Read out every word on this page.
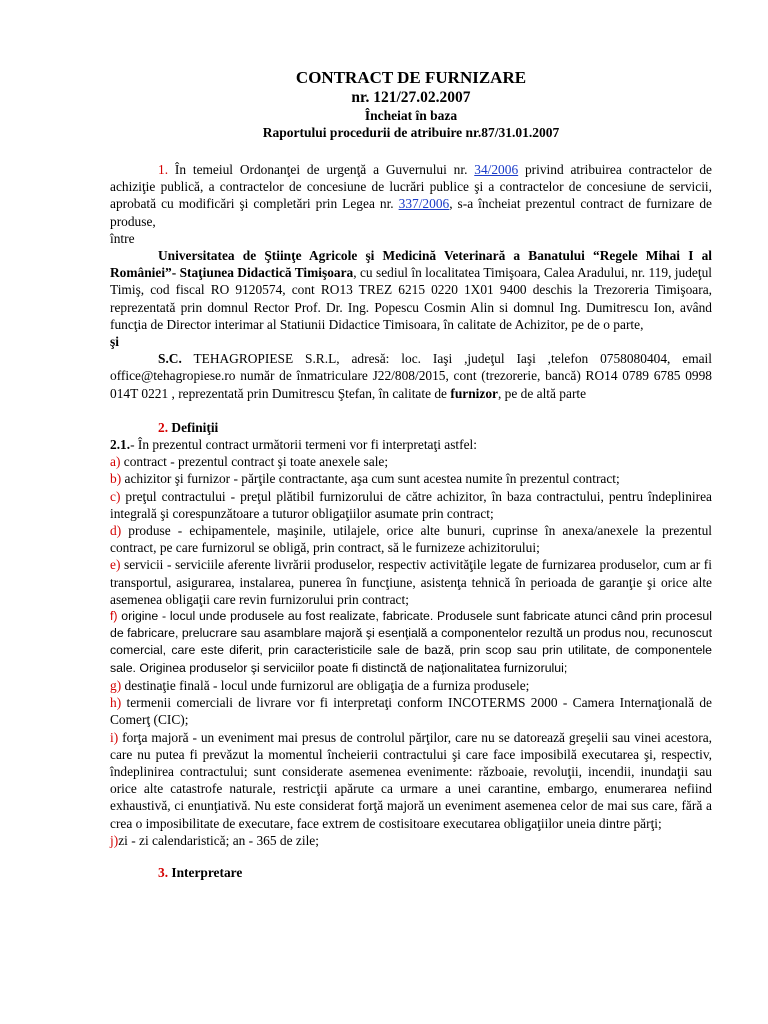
CONTRACT DE FURNIZARE
nr. 121/27.02.2007
Încheiat în baza
Raportului procedurii de atribuire nr.87/31.01.2007

1. În temeiul Ordonanţei de urgenţă a Guvernului nr. 34/2006 privind atribuirea contractelor de achiziţie publică, a contractelor de concesiune de lucrări publice şi a contractelor de concesiune de servicii, aprobată cu modificări şi completări prin Legea nr. 337/2006, s-a încheiat prezentul contract de furnizare de produse,

între

Universitatea de Ştiinţe Agricole şi Medicină Veterinară a Banatului “Regele Mihai I al României”- Staţiunea Didactică Timişoara, cu sediul în localitatea Timişoara, Calea Aradului, nr. 119, judeţul Timiş, cod fiscal RO 9120574, cont RO13 TREZ 6215 0220 1X01 9400 deschis la Trezoreria Timişoara, reprezentată prin domnul Rector Prof. Dr. Ing. Popescu Cosmin Alin si domnul Ing. Dumitrescu Ion, având funcţia de Director interimar al Statiunii Didactice Timisoara, în calitate de Achizitor, pe de o parte,

şi

S.C. TEHAGROPIESE S.R.L, adresă: loc. Iaşi ,judeţul Iaşi ,telefon 0758080404, email office@tehagropiese.ro număr de înmatriculare J22/808/2015, cont (trezorerie, bancă) RO14 0789 6785 0998 014T 0221 , reprezentată prin Dumitrescu Ştefan, în calitate de furnizor, pe de altă parte

2. Definiţii

2.1.- În prezentul contract următorii termeni vor fi interpretaţi astfel:

a) contract - prezentul contract şi toate anexele sale;

b) achizitor şi furnizor - părţile contractante, aşa cum sunt acestea numite în prezentul contract;

c) preţul contractului - preţul plătibil furnizorului de către achizitor, în baza contractului, pentru îndeplinirea integrală şi corespunzătoare a tuturor obligaţiilor asumate prin contract;

d) produse - echipamentele, maşinile, utilajele, orice alte bunuri, cuprinse în anexa/anexele la prezentul contract, pe care furnizorul se obligă, prin contract, să le furnizeze achizitorului;

e) servicii - serviciile aferente livrării produselor, respectiv activităţile legate de furnizarea produselor, cum ar fi transportul, asigurarea, instalarea, punerea în funcţiune, asistenţa tehnică în perioada de garanţie şi orice alte asemenea obligaţii care revin furnizorului prin contract;

f) origine - locul unde produsele au fost realizate, fabricate. Produsele sunt fabricate atunci când prin procesul de fabricare, prelucrare sau asamblare majoră şi esenţială a componentelor rezultă un produs nou, recunoscut comercial, care este diferit, prin caracteristicile sale de bază, prin scop sau prin utilitate, de componentele sale. Originea produselor şi serviciilor poate fi distinctă de naţionalitatea furnizorului;

g) destinaţie finală - locul unde furnizorul are obligaţia de a furniza produsele;

h) termenii comerciali de livrare vor fi interpretaţi conform INCOTERMS 2000 - Camera Internaţională de Comerţ (CIC);

i) forţa majoră - un eveniment mai presus de controlul părţilor, care nu se datorează greşelii sau vinei acestora, care nu putea fi prevăzut la momentul încheierii contractului şi care face imposibilă executarea şi, respectiv, îndeplinirea contractului; sunt considerate asemenea evenimente: războaie, revoluţii, incendii, inundaţii sau orice alte catastrofe naturale, restricţii apărute ca urmare a unei carantine, embargo, enumerarea nefiind exhaustivă, ci enunţiativă. Nu este considerat forţă majoră un eveniment asemenea celor de mai sus care, fără a crea o imposibilitate de executare, face extrem de costisitoare executarea obligaţiilor uneia dintre părţi;

j)zi - zi calendaristică; an - 365 de zile;

3. Interpretare
